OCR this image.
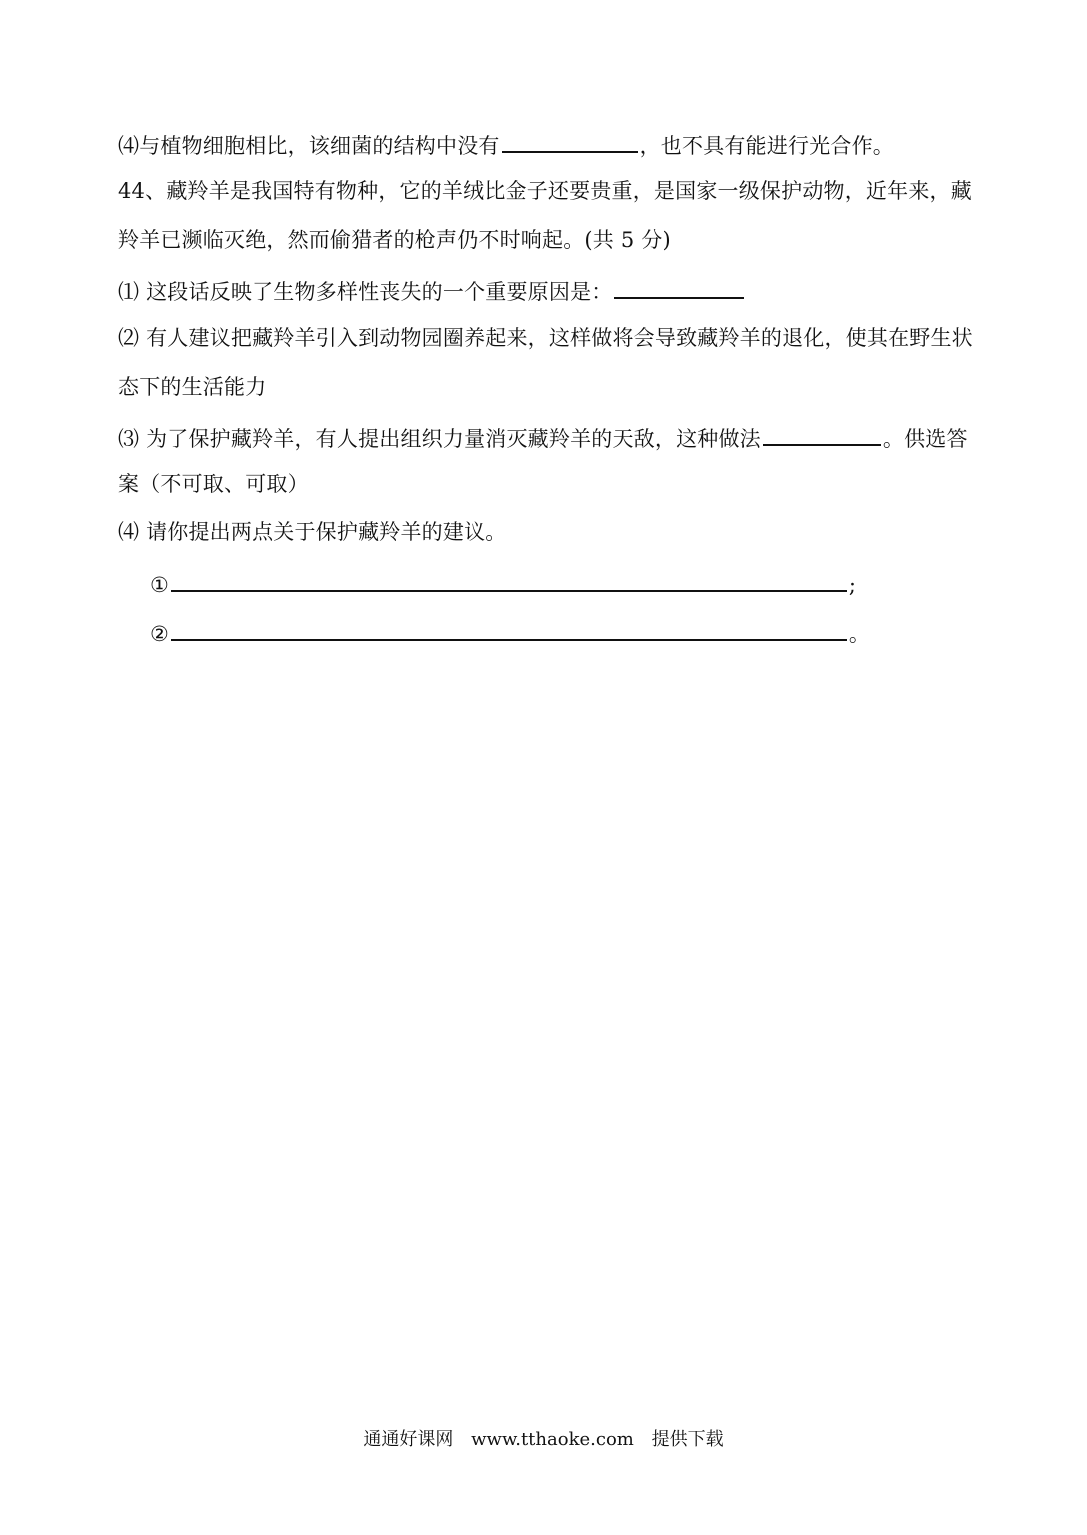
⑷与植物细胞相比，该细菌的结构中没有	，也不具有能进行光合作。
44、藏羚羊是我国特有物种，它的羊绒比金子还要贵重，是国家一级保护动物，近年来，藏
羚羊已濒临灭绝，然而偷猎者的枪声仍不时响起。(共 5 分)
⑴ 这段话反映了生物多样性丧失的一个重要原因是：
⑵ 有人建议把藏羚羊引入到动物园圈养起来，这样做将会导致藏羚羊的退化，使其在野生状
态下的生活能力
⑶ 为了保护藏羚羊，有人提出组织力量消灭藏羚羊的天敌，这种做法	。供选答
案（不可取、可取）
⑷ 请你提出两点关于保护藏羚羊的建议。
①	;
②	。
通通好课网 www.tthaoke.com 提供下载
